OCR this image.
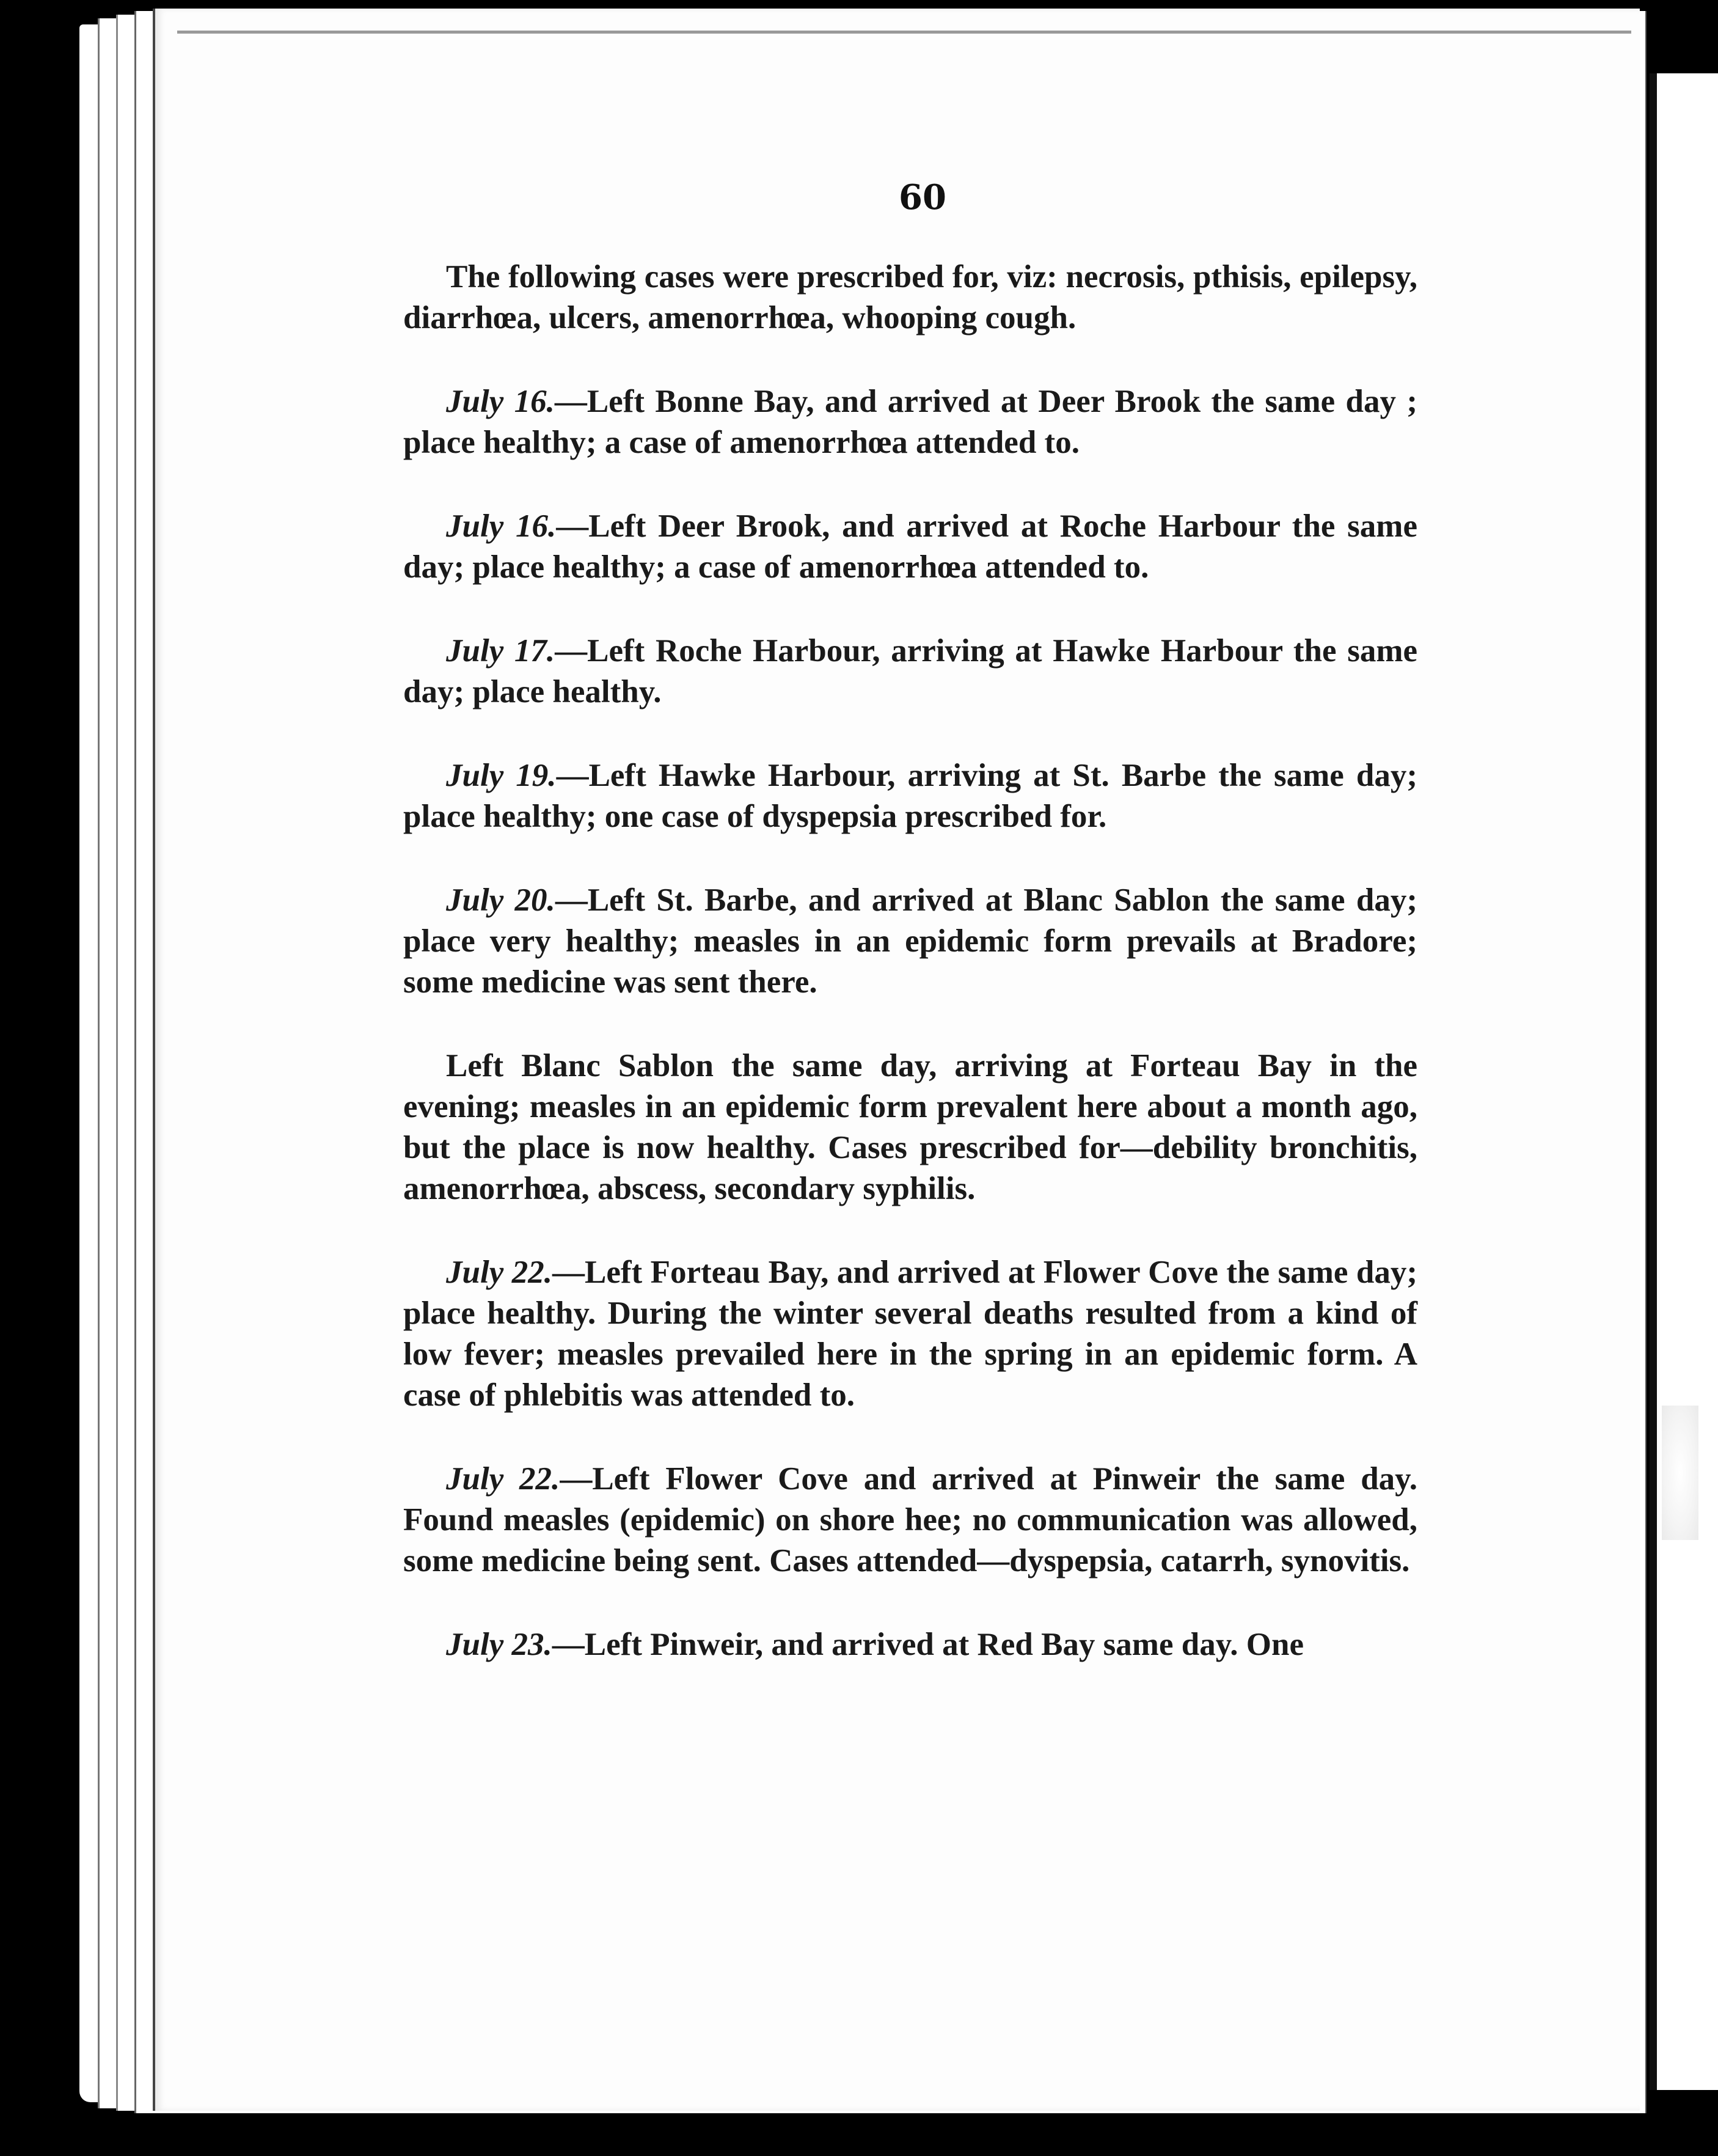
60

The following cases were prescribed for, viz: necrosis, pthisis, epilepsy, diarrhœa, ulcers, amenorrhœa, whooping cough.

July 16.—Left Bonne Bay, and arrived at Deer Brook the same day ; place healthy; a case of amenorrhœa attended to.

July 16.—Left Deer Brook, and arrived at Roche Harbour the same day; place healthy; a case of amenorrhœa attended to.

July 17.—Left Roche Harbour, arriving at Hawke Harbour the same day; place healthy.

July 19.—Left Hawke Harbour, arriving at St. Barbe the same day; place healthy; one case of dyspepsia prescribed for.

July 20.—Left St. Barbe, and arrived at Blanc Sablon the same day; place very healthy; measles in an epidemic form prevails at Bradore; some medicine was sent there.

Left Blanc Sablon the same day, arriving at Forteau Bay in the evening; measles in an epidemic form prevalent here about a month ago, but the place is now healthy. Cases prescribed for—debility bronchitis, amenorrhœa, abscess, secondary syphilis.

July 22.—Left Forteau Bay, and arrived at Flower Cove the same day; place healthy. During the winter several deaths resulted from a kind of low fever; measles prevailed here in the spring in an epidemic form. A case of phlebitis was attended to.

July 22.—Left Flower Cove and arrived at Pinweir the same day. Found measles (epidemic) on shore hee; no communication was allowed, some medicine being sent. Cases attended—dyspepsia, catarrh, synovitis.

July 23.—Left Pinweir, and arrived at Red Bay same day. One
